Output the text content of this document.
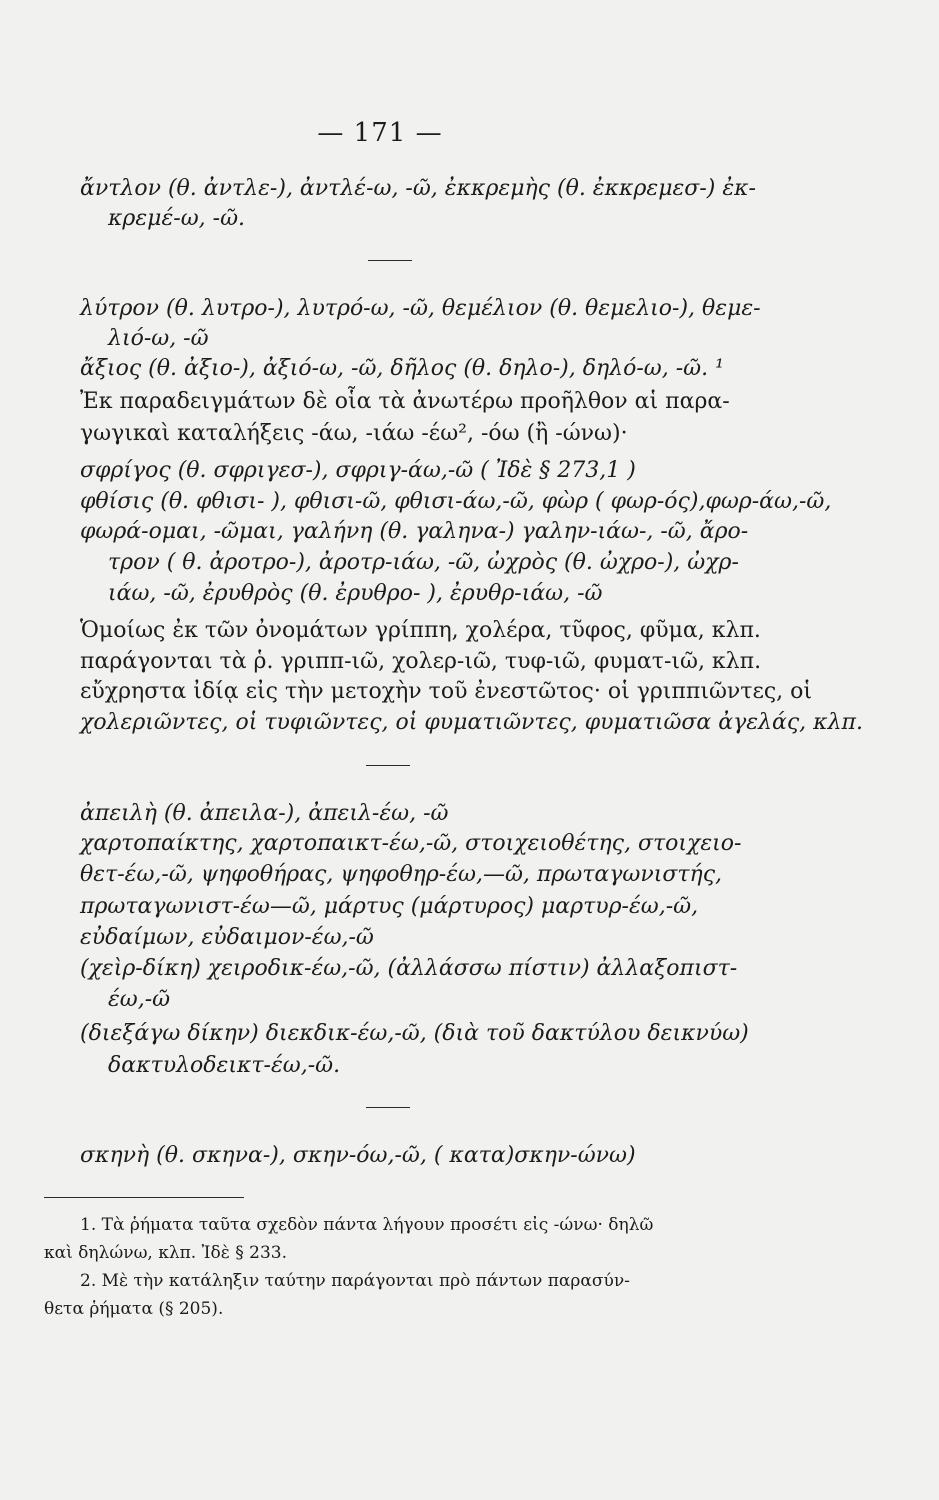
— 171 —
ἄντλον (θ. ἀντλε-), ἀντλέ-ω, -ῶ, ἐκκρεμὴς (θ. ἐκκρεμεσ-) ἐκ-
κρεμέ-ω, -ῶ.
λύτρον (θ. λυτρο-), λυτρό-ω, -ῶ, θεμέλιον (θ. θεμελιο-), θεμε-
λιό-ω, -ῶ
ἄξιος (θ. ἀξιο-), ἀξιό-ω, -ῶ, δῆλος (θ. δηλο-), δηλό-ω, -ῶ. ¹
Ἐκ παραδειγμάτων δὲ οἷα τὰ ἀνωτέρω προῆλθον αἱ παρα-
γωγικαὶ καταλήξεις -άω, -ιάω -έω², -όω (ἢ -ώνω)·
σφρίγος (θ. σφριγεσ-), σφριγ-άω,-ῶ ( Ἰδὲ § 273,1 )
φθίσις (θ. φθισι- ), φθισι-ῶ, φθισι-άω,-ῶ, φὼρ ( φωρ-ός),φωρ-άω,-ῶ,
φωρά-ομαι, -ῶμαι, γαλήνη (θ. γαληνα-) γαλην-ιάω-, -ῶ, ἄρο-
τρον ( θ. ἀροτρο-), ἀροτρ-ιάω, -ῶ, ὠχρὸς (θ. ὠχρο-), ὠχρ-
ιάω, -ῶ, ἐρυθρὸς (θ. ἐρυθρο- ), ἐρυθρ-ιάω, -ῶ
Ὁμοίως ἐκ τῶν ὀνομάτων γρίππη, χολέρα, τῦφος, φῦμα, κλπ.
παράγονται τὰ ῥ. γριππ-ιῶ, χολερ-ιῶ, τυφ-ιῶ, φυματ-ιῶ, κλπ.
εὔχρηστα ἰδίᾳ εἰς τὴν μετοχὴν τοῦ ἐνεστῶτος· οἱ γριππιῶντες, οἱ
χολεριῶντες, οἱ τυφιῶντες, οἱ φυματιῶντες, φυματιῶσα ἀγελάς, κλπ.
ἀπειλὴ (θ. ἀπειλα-), ἀπειλ-έω, -ῶ
χαρτοπαίκτης, χαρτοπαικτ-έω,-ῶ, στοιχειοθέτης, στοιχειο-
θετ-έω,-ῶ, ψηφοθήρας, ψηφοθηρ-έω,—ῶ, πρωταγωνιστής,
πρωταγωνιστ-έω—ῶ, μάρτυς (μάρτυρος) μαρτυρ-έω,-ῶ,
εὐδαίμων, εὐδαιμον-έω,-ῶ
(χεὶρ-δίκη) χειροδικ-έω,-ῶ, (ἀλλάσσω πίστιν) ἀλλαξοπιστ-
έω,-ῶ
(διεξάγω δίκην) διεκδικ-έω,-ῶ, (διὰ τοῦ δακτύλου δεικνύω)
δακτυλοδεικτ-έω,-ῶ.
σκηνὴ (θ. σκηνα-), σκην-όω,-ῶ, ( κατα)σκην-ώνω)
1. Τὰ ῥήματα ταῦτα σχεδὸν πάντα λήγουν προσέτι εἰς -ώνω· δηλῶ
καὶ δηλώνω, κλπ. Ἰδὲ § 233.
2. Μὲ τὴν κατάληξιν ταύτην παράγονται πρὸ πάντων παρασύν-
θετα ῥήματα (§ 205).
